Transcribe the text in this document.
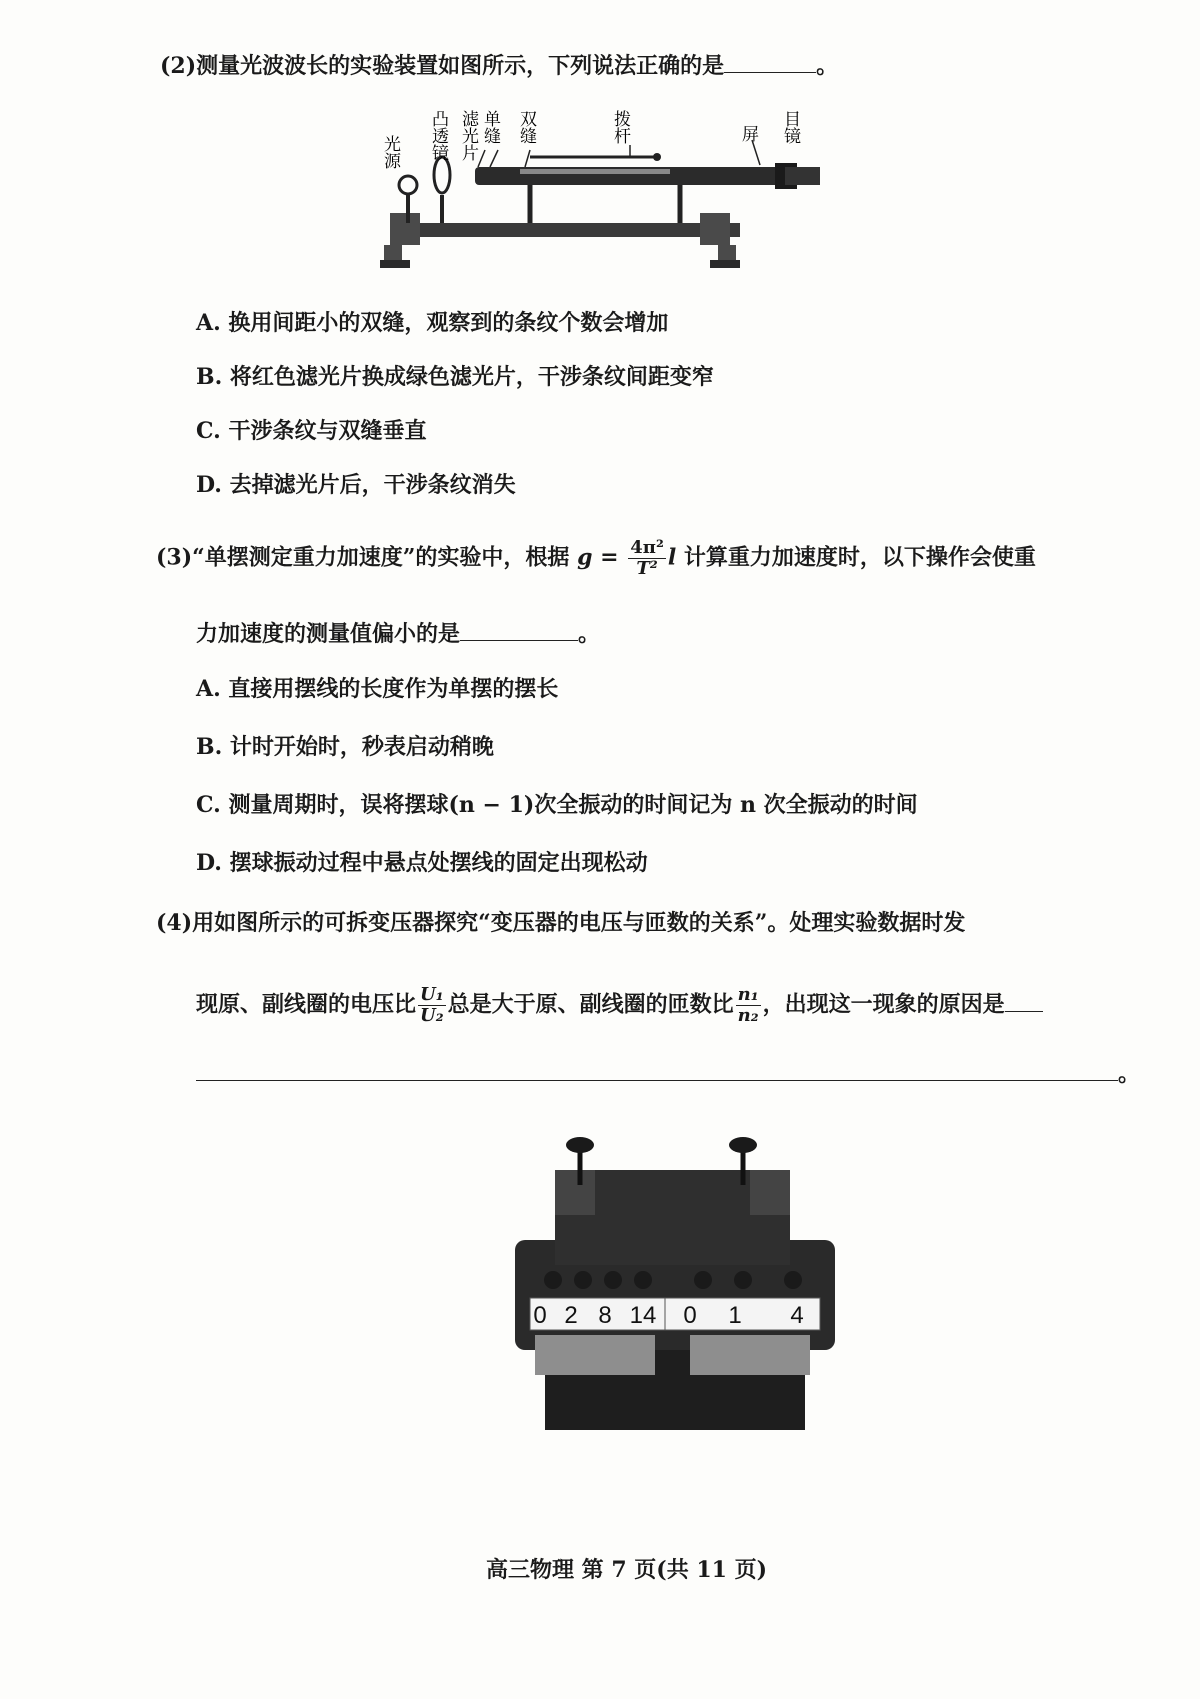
(2)测量光波波长的实验装置如图所示，下列说法正确的是	。
光源 凸透镜 滤光片 单缝 双缝	拨杆	屏 目镜
A. 换用间距小的双缝，观察到的条纹个数会增加
B. 将红色滤光片换成绿色滤光片，干涉条纹间距变窄
C. 干涉条纹与双缝垂直
D. 去掉滤光片后，干涉条纹消失
(3)“单摆测定重力加速度”的实验中，根据 $g = \frac{\text{4π²}}{\text{T²}}$ l 计算重力加速度时，以下操作会使重
力加速度的测量值偏小的是	。
A. 直接用摆线的长度作为单摆的摆长
B. 计时开始时，秒表启动稍晚
C. 测量周期时，误将摆球(n − 1)次全振动的时间记为 n 次全振动的时间
D. 摆球振动过程中悬点处摆线的固定出现松动
(4)用如图所示的可拆变压器探究“变压器的电压与匝数的关系”。处理实验数据时发
现原、副线圈的电压比 $\frac{\text{U₁}}{\text{U₂}}$ 总是大于原、副线圈的匝数比 $\frac{\text{n₁}}{\text{n₂}}$ ，出现这一现象的原因是
。
0 2 8 14 0 1 4
高三物理 第 7 页(共 11 页)
